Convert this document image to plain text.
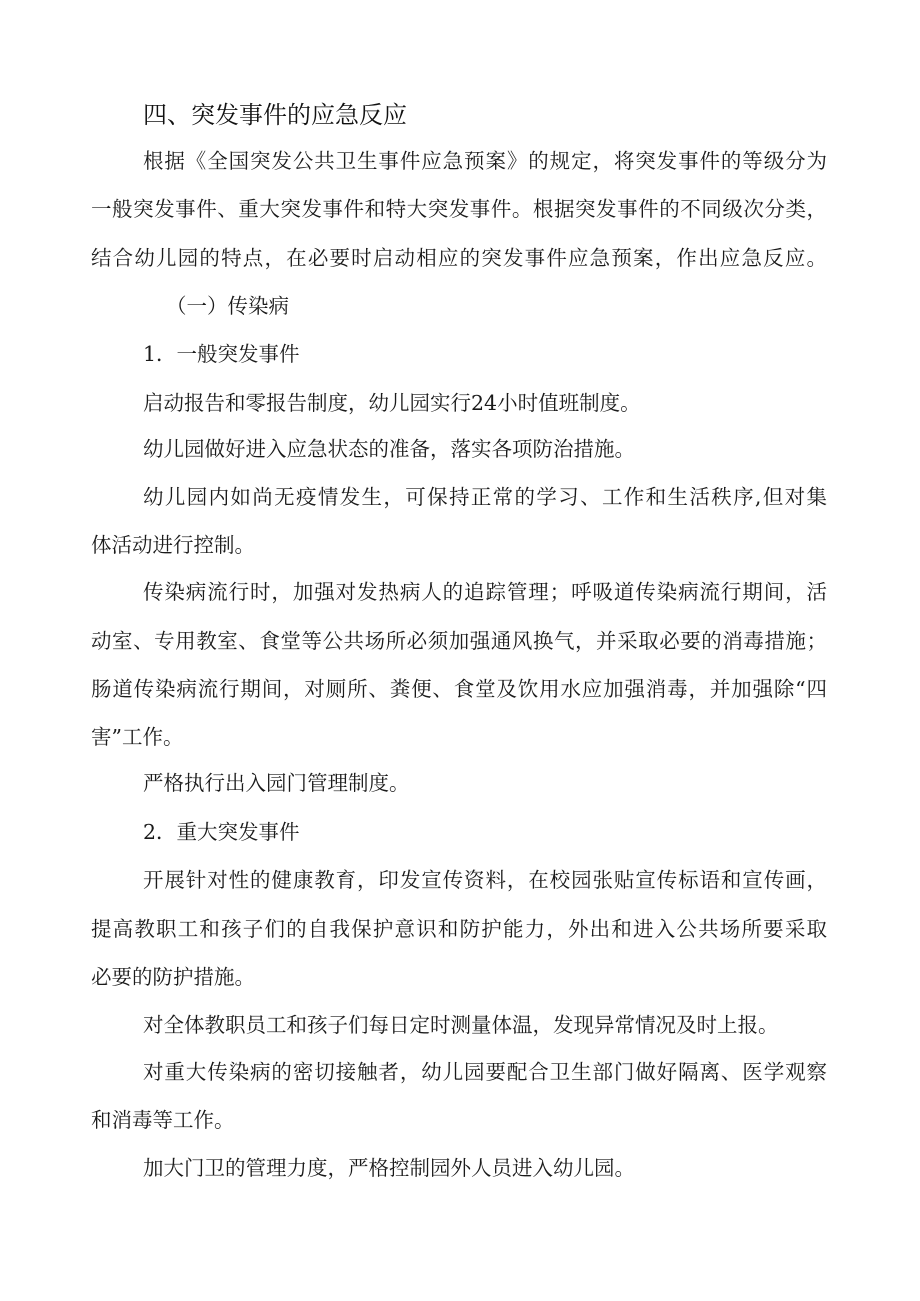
四、突发事件的应急反应
根据《全国突发公共卫生事件应急预案》的规定，将突发事件的等级分为
一般突发事件、重大突发事件和特大突发事件。根据突发事件的不同级次分类，
结合幼儿园的特点，在必要时启动相应的突发事件应急预案，作出应急反应。
（一）传染病
1．一般突发事件
启动报告和零报告制度，幼儿园实行24小时值班制度。
幼儿园做好进入应急状态的准备，落实各项防治措施。
幼儿园内如尚无疫情发生，可保持正常的学习、工作和生活秩序,但对集
体活动进行控制。
传染病流行时，加强对发热病人的追踪管理；呼吸道传染病流行期间，活
动室、专用教室、食堂等公共场所必须加强通风换气，并采取必要的消毒措施；
肠道传染病流行期间，对厕所、粪便、食堂及饮用水应加强消毒，并加强除“四
害”工作。
严格执行出入园门管理制度。
2．重大突发事件
开展针对性的健康教育，印发宣传资料，在校园张贴宣传标语和宣传画，
提高教职工和孩子们的自我保护意识和防护能力，外出和进入公共场所要采取
必要的防护措施。
对全体教职员工和孩子们每日定时测量体温，发现异常情况及时上报。
对重大传染病的密切接触者，幼儿园要配合卫生部门做好隔离、医学观察
和消毒等工作。
加大门卫的管理力度，严格控制园外人员进入幼儿园。
